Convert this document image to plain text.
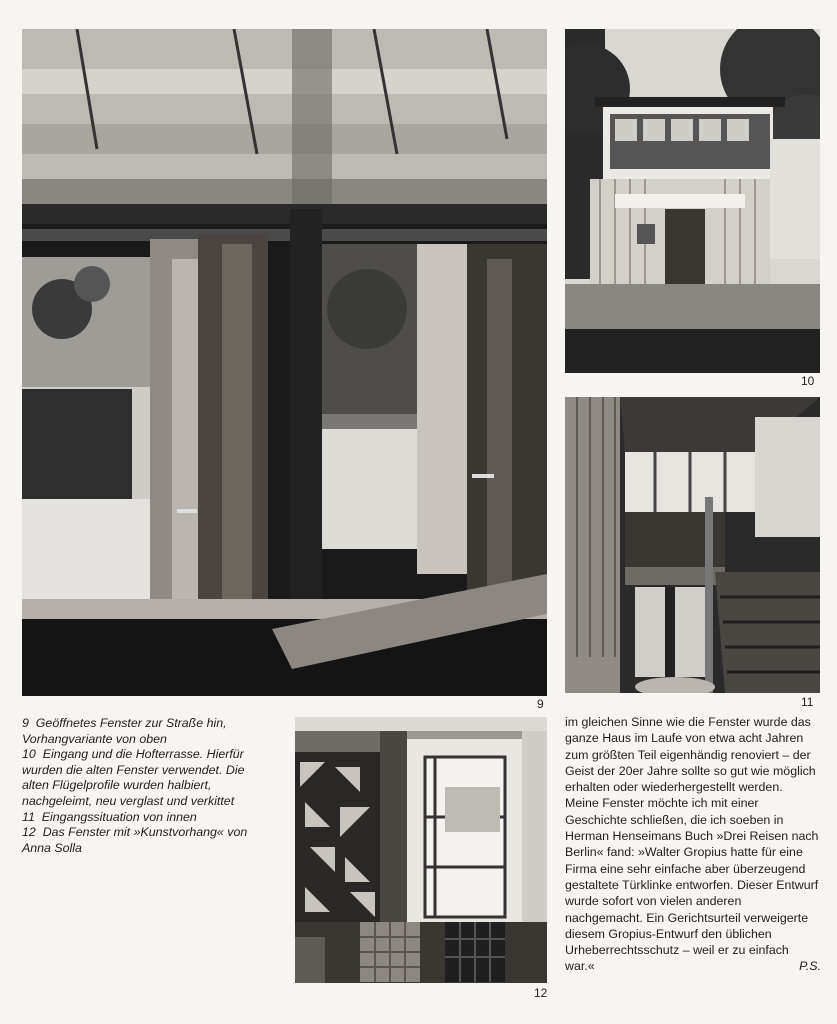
9
10
11
12

9 Geöffnetes Fenster zur Straße hin, Vorhangvariante von oben

10 Eingang und die Hofterrasse. Hierfür wurden die alten Fenster verwendet. Die alten Flügelprofile wurden halbiert, nachgeleimt, neu verglast und verkittet

11 Eingangssituation von innen

12 Das Fenster mit »Kunstvorhang« von Anna Solla

im gleichen Sinne wie die Fenster wurde das ganze Haus im Laufe von etwa acht Jahren zum größten Teil eigenhändig renoviert – der Geist der 20er Jahre sollte so gut wie möglich erhalten oder wiederhergestellt werden.

Meine Fenster möchte ich mit einer Geschichte schließen, die ich soeben in Herman Henseimans Buch »Drei Reisen nach Berlin« fand: »Walter Gropius hatte für eine Firma eine sehr einfache aber überzeugend gestaltete Türklinke entworfen. Dieser Entwurf wurde sofort von vielen anderen nachgemacht. Ein Gerichtsurteil verweigerte diesem Gropius-Entwurf den üblichen Urheberrechtsschutz – weil er zu einfach war.«	P.S.
